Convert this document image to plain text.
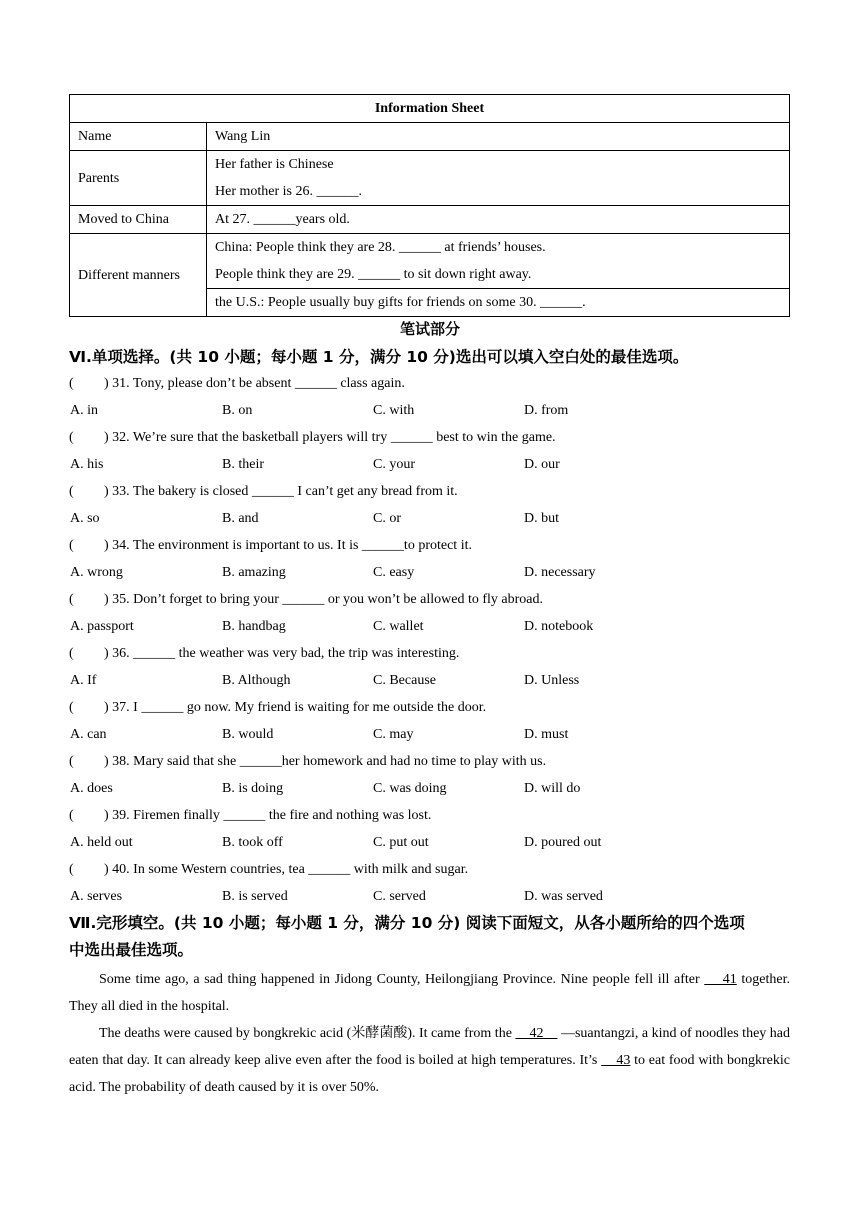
Information Sheet	
Name	Wang Lin
Parents	Her father is Chinese
Her mother is 26. ______.

Moved to China	At 27. ______years old.
Different manners	China: People think they are 28. ______ at friends’ houses.
People think they are 29. ______ to sit down right away.

	the U.S.: People usually buy gifts for friends on some 30. ______.
笔试部分
Ⅵ.单项选择。(共 10 小题；每小题 1 分，满分 10 分)选出可以填入空白处的最佳选项。
( ) 31. Tony, please don’t be absent ______ class again.
A. in	B. on	C. with	D. from
( ) 32. We’re sure that the basketball players will try ______ best to win the game.
A. his	B. their	C. your	D. our
( ) 33. The bakery is closed ______ I can’t get any bread from it.
A. so	B. and	C. or	D. but
( ) 34. The environment is important to us. It is ______to protect it.
A. wrong	B. amazing	C. easy	D. necessary
( ) 35. Don’t forget to bring your ______ or you won’t be allowed to fly abroad.
A. passport	B. handbag	C. wallet	D. notebook
( ) 36. ______ the weather was very bad, the trip was interesting.
A. If	B. Although	C. Because	D. Unless
( ) 37. I ______ go now. My friend is waiting for me outside the door.
A. can	B. would	C. may	D. must
( ) 38. Mary said that she ______her homework and had no time to play with us.
A. does	B. is doing	C. was doing	D. will do
( ) 39. Firemen finally ______ the fire and nothing was lost.
A. held out	B. took off	C. put out	D. poured out
( ) 40. In some Western countries, tea ______ with milk and sugar.
A. serves	B. is served	C. served	D. was served
Ⅶ.完形填空。(共 10 小题；每小题 1 分，满分 10 分) 阅读下面短文，从各小题所给的四个选项
中选出最佳选项。
Some time ago, a sad thing happened in Jidong County, Heilongjiang Province. Nine people fell ill after     41 together. They all died in the hospital.
The deaths were caused by bongkrekic acid (米酵菌酸). It came from the     42     —suantangzi, a kind of noodles they had eaten that day. It can already keep alive even after the food is boiled at high temperatures. It’s     43 to eat food with bongkrekic acid. The probability of death caused by it is over 50%.
